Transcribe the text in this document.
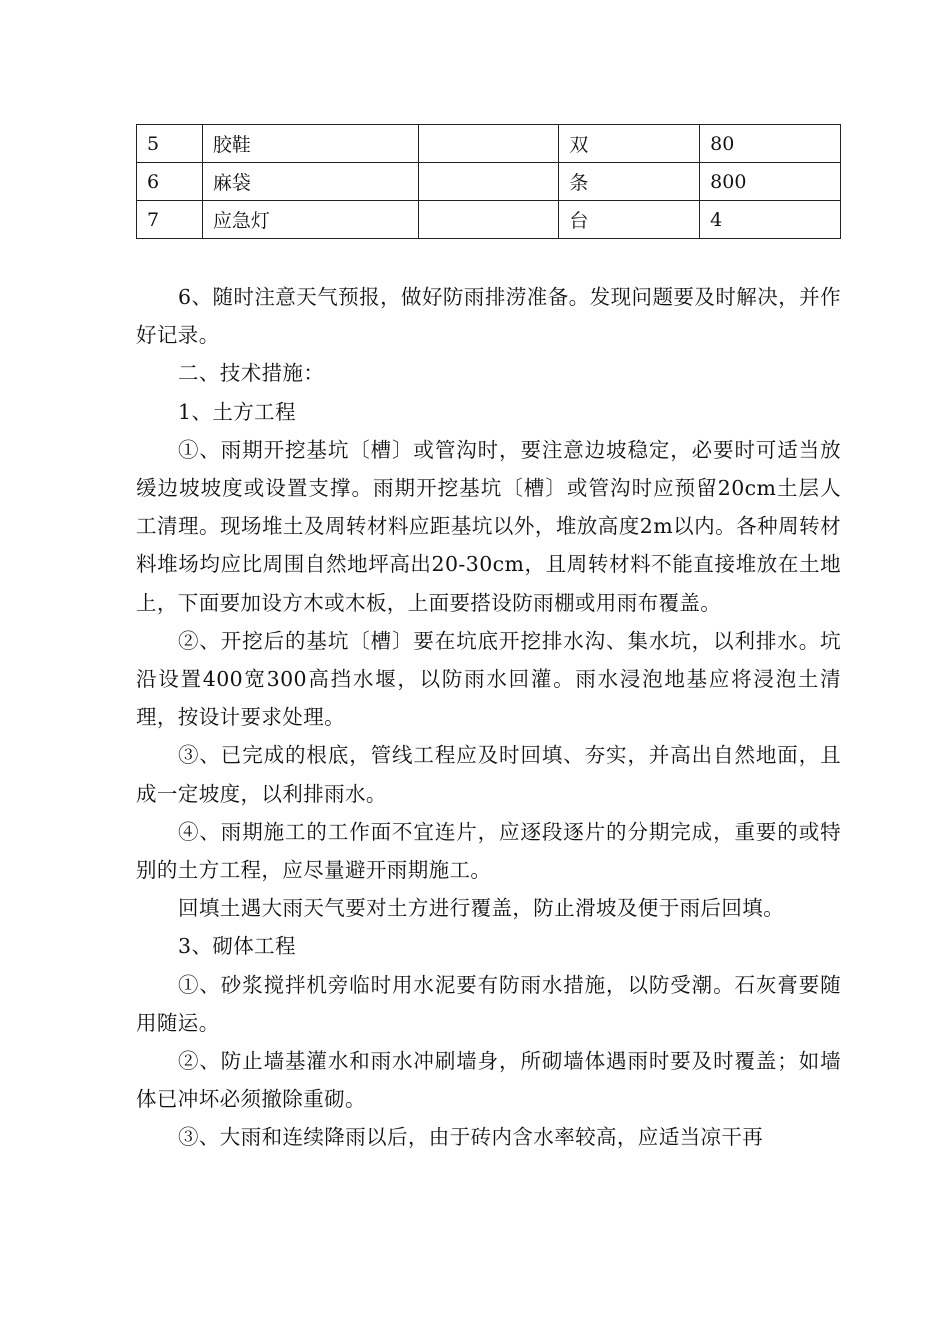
5	胶鞋		双	80
6	麻袋		条	800
7	应急灯		台	4

6、随时注意天气预报，做好防雨排涝准备。发现问题要及时解决，并作好记录。

二、技术措施：

1、土方工程

①、雨期开挖基坑〔槽〕或管沟时，要注意边坡稳定，必要时可适当放缓边坡坡度或设置支撑。雨期开挖基坑〔槽〕或管沟时应预留20cm土层人工清理。现场堆土及周转材料应距基坑以外，堆放高度2m以内。各种周转材料堆场均应比周围自然地坪高出20-30cm，且周转材料不能直接堆放在土地上，下面要加设方木或木板，上面要搭设防雨棚或用雨布覆盖。

②、开挖后的基坑〔槽〕要在坑底开挖排水沟、集水坑，以利排水。坑沿设置400宽300高挡水堰，以防雨水回灌。雨水浸泡地基应将浸泡土清理，按设计要求处理。

③、已完成的根底，管线工程应及时回填、夯实，并高出自然地面，且成一定坡度，以利排雨水。

④、雨期施工的工作面不宜连片，应逐段逐片的分期完成，重要的或特别的土方工程，应尽量避开雨期施工。

回填土遇大雨天气要对土方进行覆盖，防止滑坡及便于雨后回填。

3、砌体工程

①、砂浆搅拌机旁临时用水泥要有防雨水措施，以防受潮。石灰膏要随用随运。

②、防止墙基灌水和雨水冲刷墙身，所砌墙体遇雨时要及时覆盖；如墙体已冲坏必须撤除重砌。

③、大雨和连续降雨以后，由于砖内含水率较高，应适当凉干再
